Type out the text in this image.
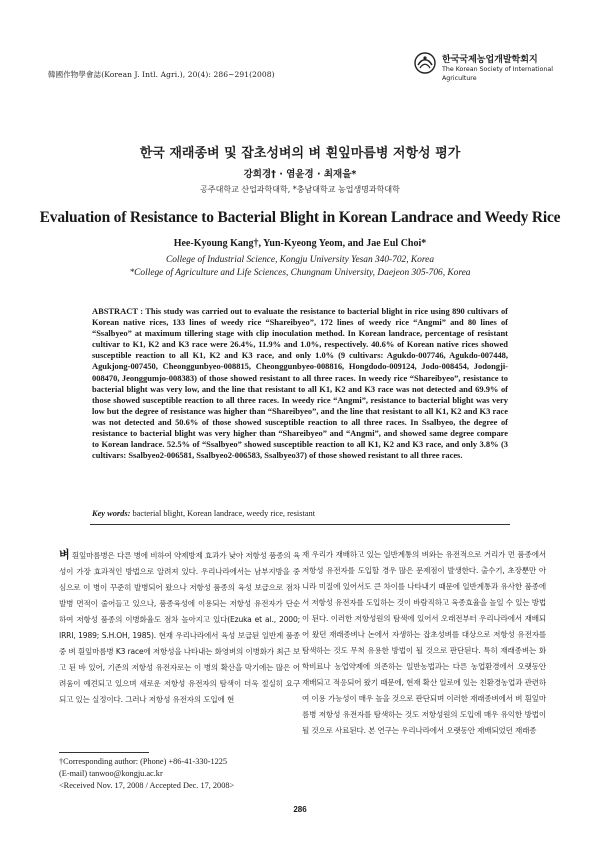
韓國作物學會誌(Korean J. Intl. Agri.), 20(4): 286~291(2008)
한국국제농업개발학회지
The Korean Society of International
Agriculture
한국 재래종벼 및 잡초성벼의 벼 흰잎마름병 저항성 평가
강희경† · 염윤경 · 최재을*
공주대학교 산업과학대학, *충남대학교 농업생명과학대학
Evaluation of Resistance to Bacterial Blight in Korean Landrace and Weedy Rice
Hee-Kyoung Kang†, Yun-Kyeong Yeom, and Jae Eul Choi*
College of Industrial Science, Kongju University Yesan 340-702, Korea
*College of Agriculture and Life Sciences, Chungnam University, Daejeon 305-706, Korea

ABSTRACT : This study was carried out to evaluate the resistance to bacterial blight in rice using 890 cultivars of Korean native rices, 133 lines of weedy rice “Shareibyeo”, 172 lines of weedy rice “Angmi” and 80 lines of “Ssalbyeo” at maximum tillering stage with clip inoculation method. In Korean landrace, percentage of resistant cultivar to K1, K2 and K3 race were 26.4%, 11.9% and 1.0%, respectively. 40.6% of Korean native rices showed susceptible reaction to all K1, K2 and K3 race, and only 1.0% (9 cultivars: Agukdo-007746, Agukdo-007448, Agukjong-007450, Cheonggunbyeo-008815, Cheonggunbyeo-008816, Hongdodo-009124, Jodo-008454, Jodongji-008470, Jeonggumjo-008383) of those showed resistant to all three races. In weedy rice “Shareibyeo”, resistance to bacterial blight was very low, and the line that resistant to all K1, K2 and K3 race was not detected and 69.9% of those showed susceptible reaction to all three races. In weedy rice “Angmi”, resistance to bacterial blight was very low but the degree of resistance was higher than “Shareibyeo”, and the line that resistant to all K1, K2 and K3 race was not detected and 50.6% of those showed susceptible reaction to all three races. In Ssalbyeo, the degree of resistance to bacterial blight was very higher than “Shareibyeo” and “Angmi”, and showed same degree compare to Korean landrace. 52.5% of “Ssalbyeo” showed susceptible reaction to all K1, K2 and K3 race, and only 3.8% (3 cultivars: Ssalbyeo2-006581, Ssalbyeo2-006583, Ssalbyeo37) of those showed resistant to all three races.

Key words: bacterial blight, Korean landrace, weedy rice, resistant

벼 흰잎마름병은 다른 병에 비하여 약제방제 효과가 낮아 저항성 품종의 육성이 가장 효과적인 방법으로 알려져 있다. 우리나라에서는 남부지방을 중심으로 이 병이 꾸준히 발병되어 왔으나 저항성 품종의 육성 보급으로 점차 발병 면적이 줄어들고 있으나, 품종육성에 이용되는 저항성 유전자가 단순하여 저항성 품종의 이병화율도 점차 높아지고 있다(Ezuka et al., 2000; IRRI, 1989; S.H.OH, 1985). 현재 우리나라에서 육성 보급된 일반계 품종 중 벼 흰잎마름병 K3 race에 저항성을 나타내는 화영벼의 이병화가 최근 보고 된 바 있어, 기존의 저항성 유전자로는 이 병의 확산을 막기에는 많은 어려움이 예견되고 있으며 새로운 저항성 유전자의 탐색이 더욱 절실히 요구되고 있는 실정이다. 그러나 저항성 유전자의 도입에 현

재 우리가 재배하고 있는 일반계통의 벼와는 유전적으로 거리가 먼 품종에서 저항성 유전자를 도입할 경우 많은 문제점이 발생한다. 출수기, 초장뿐만 아니라 미질에 있어서도 큰 차이를 나타내기 때문에 일반계통과 유사한 품종에서 저항성 유전자를 도입하는 것이 바람직하고 육종효율을 높일 수 있는 방법이 된다. 이러한 저항성원의 탐색에 있어서 오래전부터 우리나라에서 재배되어 왔던 재래종벼나 논에서 자생하는 잡초성벼를 대상으로 저항성 유전자를 탐색하는 것도 무척 유용한 방법이 될 것으로 판단된다. 특히 재래종벼는 화학비료나 농업약제에 의존하는 일반농법과는 다른 농업환경에서 오랫동안 재배되고 적응되어 왔기 때문에, 현재 확산 일로에 있는 친환경농업과 관련하여 이용 가능성이 매우 높을 것으로 판단되며 이러한 재래종벼에서 벼 흰잎마름병 저항성 유전자를 탐색하는 것도 저항성원의 도입에 매우 유익한 방법이 될 것으로 사료된다. 본 연구는 우리나라에서 오랫동안 재배되었던 재래종

†Corresponding author: (Phone) +86-41-330-1225
(E-mail) tanwoo@kongju.ac.kr
<Received Nov. 17, 2008 / Accepted Dec. 17, 2008>
286
